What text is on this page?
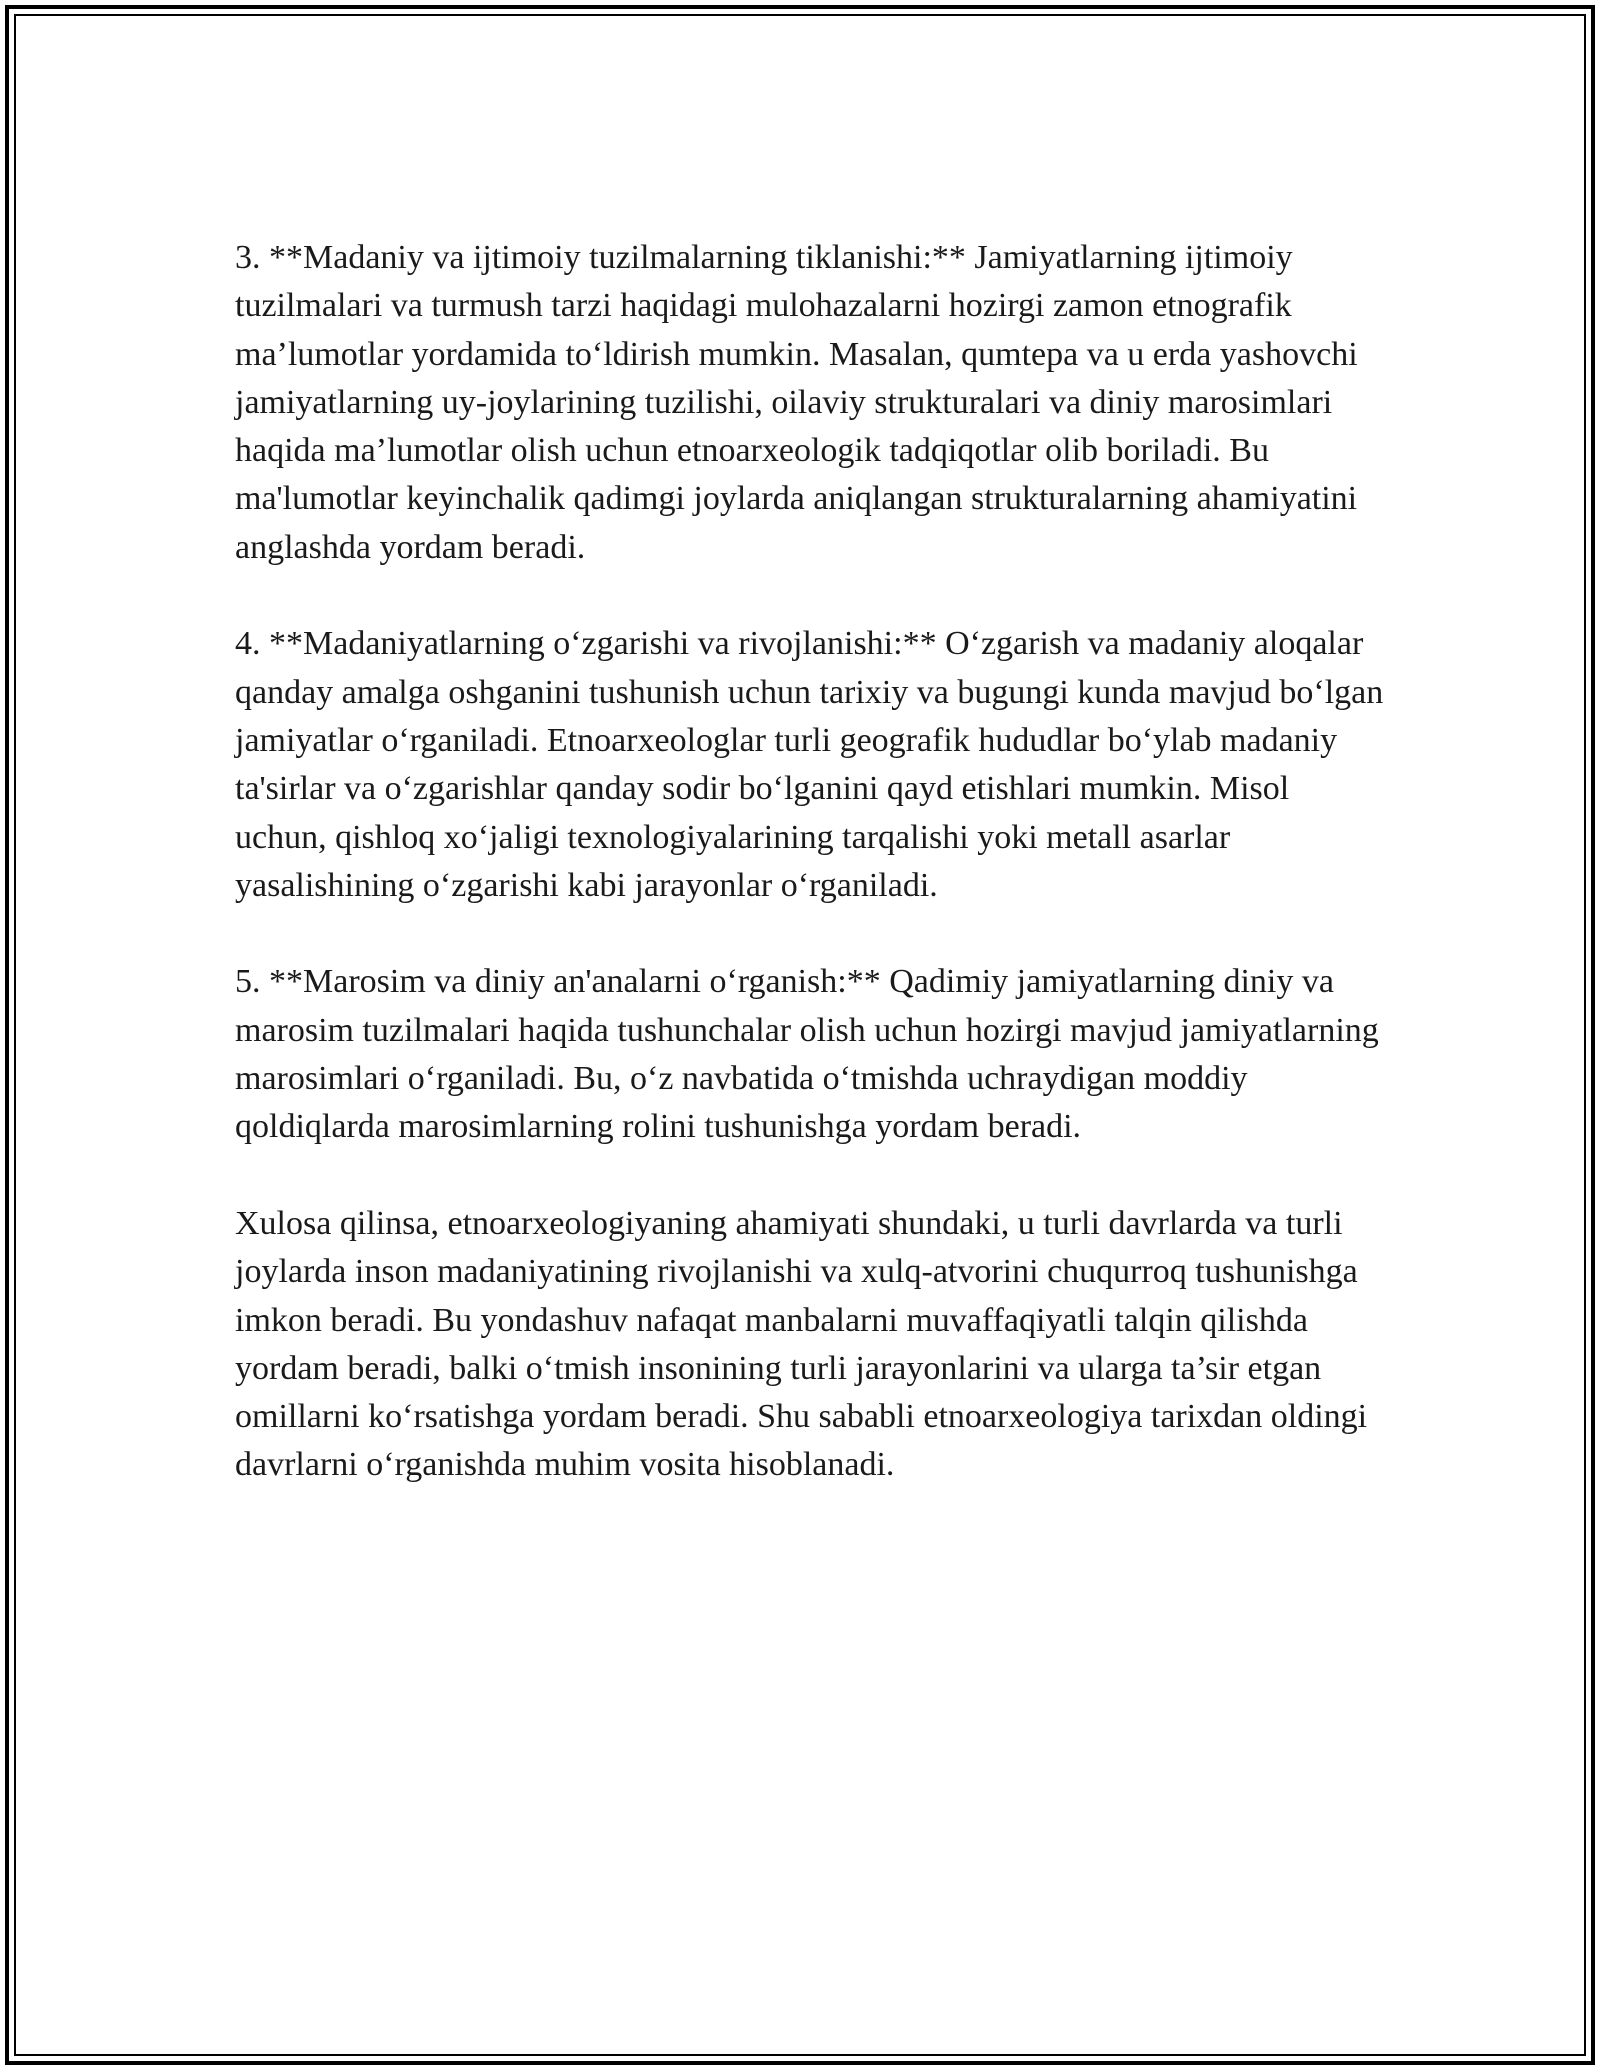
3. **Madaniy va ijtimoiy tuzilmalarning tiklanishi:** Jamiyatlarning ijtimoiy tuzilmalari va turmush tarzi haqidagi mulohazalarni hozirgi zamon etnografik ma’lumotlar yordamida to‘ldirish mumkin. Masalan, qumtepa va u erda yashovchi jamiyatlarning uy-joylarining tuzilishi, oilaviy strukturalari va diniy marosimlari haqida ma’lumotlar olish uchun etnoarxeologik tadqiqotlar olib boriladi. Bu ma'lumotlar keyinchalik qadimgi joylarda aniqlangan strukturalarning ahamiyatini anglashda yordam beradi.

4. **Madaniyatlarning o‘zgarishi va rivojlanishi:** O‘zgarish va madaniy aloqalar qanday amalga oshganini tushunish uchun tarixiy va bugungi kunda mavjud bo‘lgan jamiyatlar o‘rganiladi. Etnoarxeologlar turli geografik hududlar bo‘ylab madaniy ta'sirlar va o‘zgarishlar qanday sodir bo‘lganini qayd etishlari mumkin. Misol uchun, qishloq xo‘jaligi texnologiyalarining tarqalishi yoki metall asarlar yasalishining o‘zgarishi kabi jarayonlar o‘rganiladi.

5. **Marosim va diniy an'analarni o‘rganish:** Qadimiy jamiyatlarning diniy va marosim tuzilmalari haqida tushunchalar olish uchun hozirgi mavjud jamiyatlarning marosimlari o‘rganiladi. Bu, o‘z navbatida o‘tmishda uchraydigan moddiy qoldiqlarda marosimlarning rolini tushunishga yordam beradi.

Xulosa qilinsa, etnoarxeologiyaning ahamiyati shundaki, u turli davrlarda va turli joylarda inson madaniyatining rivojlanishi va xulq-atvorini chuqurroq tushunishga imkon beradi. Bu yondashuv nafaqat manbalarni muvaffaqiyatli talqin qilishda yordam beradi, balki o‘tmish insonining turli jarayonlarini va ularga ta’sir etgan omillarni ko‘rsatishga yordam beradi. Shu sababli etnoarxeologiya tarixdan oldingi davrlarni o‘rganishda muhim vosita hisoblanadi.
